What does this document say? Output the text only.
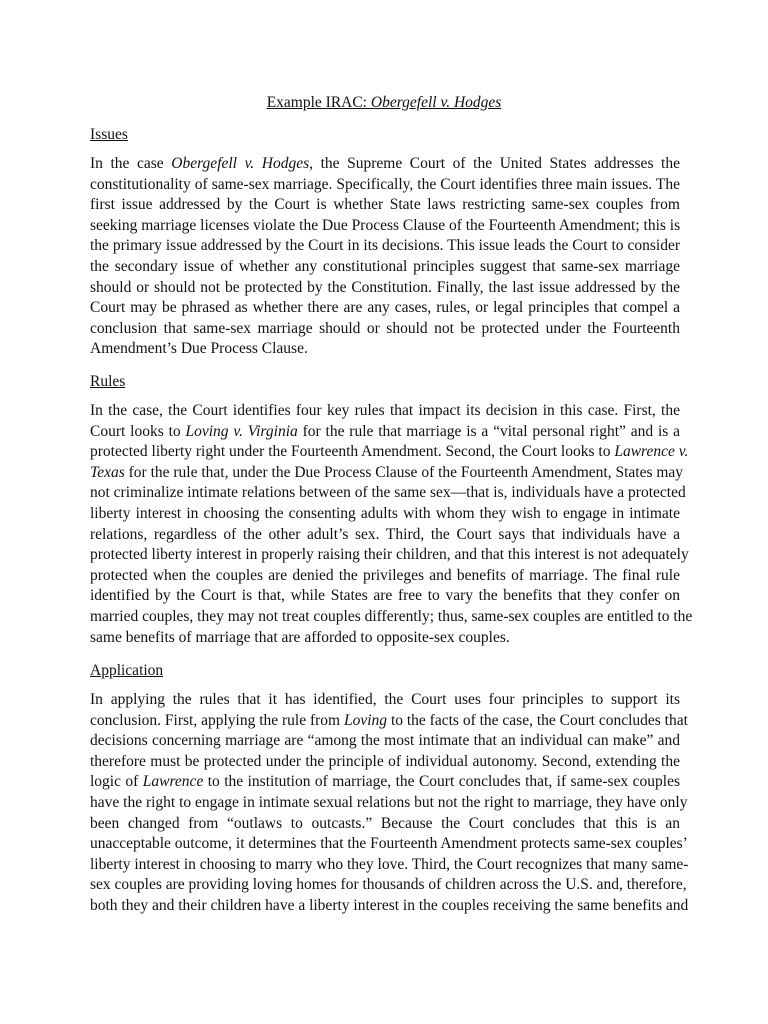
Example IRAC: Obergefell v. Hodges
Issues
In the case Obergefell v. Hodges, the Supreme Court of the United States addresses the
constitutionality of same-sex marriage. Specifically, the Court identifies three main issues. The
first issue addressed by the Court is whether State laws restricting same-sex couples from
seeking marriage licenses violate the Due Process Clause of the Fourteenth Amendment; this is
the primary issue addressed by the Court in its decisions. This issue leads the Court to consider
the secondary issue of whether any constitutional principles suggest that same-sex marriage
should or should not be protected by the Constitution. Finally, the last issue addressed by the
Court may be phrased as whether there are any cases, rules, or legal principles that compel a
conclusion that same-sex marriage should or should not be protected under the Fourteenth
Amendment’s Due Process Clause.
Rules
In the case, the Court identifies four key rules that impact its decision in this case. First, the
Court looks to Loving v. Virginia for the rule that marriage is a “vital personal right” and is a
protected liberty right under the Fourteenth Amendment. Second, the Court looks to Lawrence v.
Texas for the rule that, under the Due Process Clause of the Fourteenth Amendment, States may
not criminalize intimate relations between of the same sex—that is, individuals have a protected
liberty interest in choosing the consenting adults with whom they wish to engage in intimate
relations, regardless of the other adult’s sex. Third, the Court says that individuals have a
protected liberty interest in properly raising their children, and that this interest is not adequately
protected when the couples are denied the privileges and benefits of marriage. The final rule
identified by the Court is that, while States are free to vary the benefits that they confer on
married couples, they may not treat couples differently; thus, same-sex couples are entitled to the
same benefits of marriage that are afforded to opposite-sex couples.
Application
In applying the rules that it has identified, the Court uses four principles to support its
conclusion. First, applying the rule from Loving to the facts of the case, the Court concludes that
decisions concerning marriage are “among the most intimate that an individual can make” and
therefore must be protected under the principle of individual autonomy. Second, extending the
logic of Lawrence to the institution of marriage, the Court concludes that, if same-sex couples
have the right to engage in intimate sexual relations but not the right to marriage, they have only
been changed from “outlaws to outcasts.” Because the Court concludes that this is an
unacceptable outcome, it determines that the Fourteenth Amendment protects same-sex couples’
liberty interest in choosing to marry who they love. Third, the Court recognizes that many same-
sex couples are providing loving homes for thousands of children across the U.S. and, therefore,
both they and their children have a liberty interest in the couples receiving the same benefits and
